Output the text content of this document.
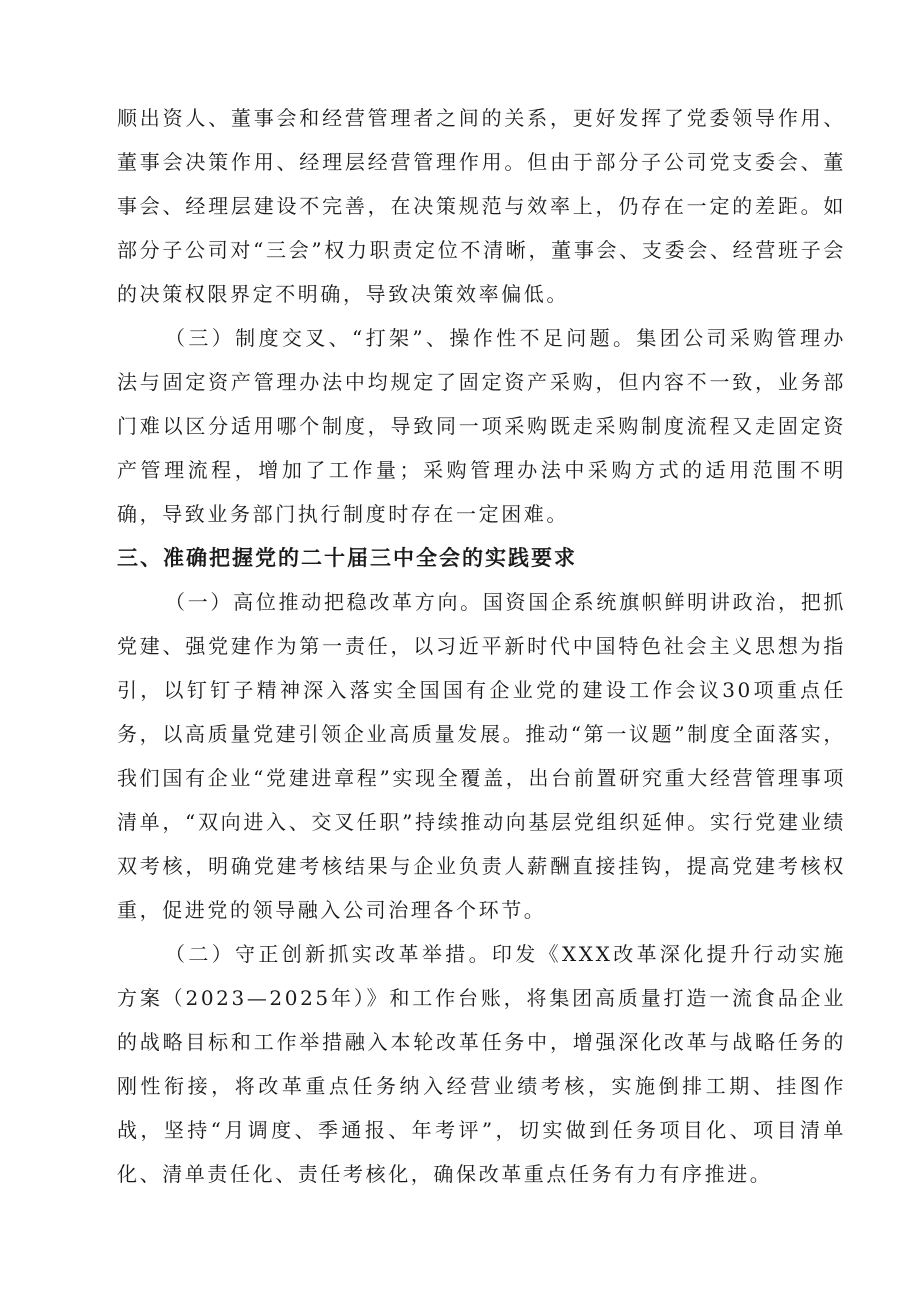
顺出资人、董事会和经营管理者之间的关系，更好发挥了党委领导作用、董事会决策作用、经理层经营管理作用。但由于部分子公司党支委会、董事会、经理层建设不完善，在决策规范与效率上，仍存在一定的差距。如部分子公司对“三会”权力职责定位不清晰，董事会、支委会、经营班子会的决策权限界定不明确，导致决策效率偏低。

（三）制度交叉、“打架”、操作性不足问题。集团公司采购管理办法与固定资产管理办法中均规定了固定资产采购，但内容不一致，业务部门难以区分适用哪个制度，导致同一项采购既走采购制度流程又走固定资产管理流程，增加了工作量；采购管理办法中采购方式的适用范围不明确，导致业务部门执行制度时存在一定困难。

三、准确把握党的二十届三中全会的实践要求

（一）高位推动把稳改革方向。国资国企系统旗帜鲜明讲政治，把抓党建、强党建作为第一责任，以习近平新时代中国特色社会主义思想为指引，以钉钉子精神深入落实全国国有企业党的建设工作会议30项重点任务，以高质量党建引领企业高质量发展。推动“第一议题”制度全面落实，我们国有企业“党建进章程”实现全覆盖，出台前置研究重大经营管理事项清单，“双向进入、交叉任职”持续推动向基层党组织延伸。实行党建业绩双考核，明确党建考核结果与企业负责人薪酬直接挂钩，提高党建考核权重，促进党的领导融入公司治理各个环节。

（二）守正创新抓实改革举措。印发《XXX改革深化提升行动实施方案（2023—2025年）》和工作台账，将集团高质量打造一流食品企业的战略目标和工作举措融入本轮改革任务中，增强深化改革与战略任务的刚性衔接，将改革重点任务纳入经营业绩考核，实施倒排工期、挂图作战，坚持“月调度、季通报、年考评”，切实做到任务项目化、项目清单化、清单责任化、责任考核化，确保改革重点任务有力有序推进。
